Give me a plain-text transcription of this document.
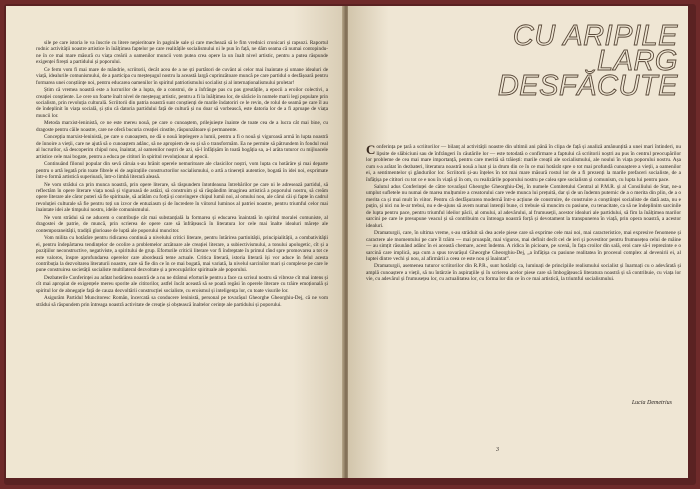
sile pe care istoria le va înscrie cu litere nepieritoare în paginile sale și care mechează să le fim vrednici cronicari și rapsozi. Raportul rodnic activității noastre artistice în înălțimea faptelor pe care realitățile socialismului ni le pun în față, ne dăm seama că numai contopindu-ne în ce mai mare măsură cu viața creării a oamenilor muncii vom putea crea opere la un înalt nivel artistic, pentru a putea răspunde exigenței firești a partidului și poporului.

Ce ferm vom fi mai mare de mândrie, scriitorii, decât acea de a ne ști purtători de cuvânt ai celor mai înaintate și umane idealuri de viață, idealurile comunismului, de a participa cu meșteșugul nostru la această largă cuprinzătoare muncă pe care partidul o desfășoară pentru formarea unei conștiințe noi, pentru educarea oamenilor în spiritul patriotismului socialist și al internaționalismului proletar!

Știm că vremea noastră este a lucrurilor de a lupta, de a construi, de a înfrânge pas cu pas greutățile, a epocii a eroilor colectivi, a creației conștiente. Le cere un foarte înalt nivel de meșteșug artistic, pentru a fi la înălțimea lor, de sărăcie în numele marii legi populare prin socialism, prin revoluția culturală. Scriitorii din patria noastră sunt conștienți de marile îndatoriri ce le revin, de rolul de seamă pe care îl au de îndeplinit în viața socială, și știu că datoria partidului față de cultură și nu doar să vorbească, este datoria lor de a fi aproape de viața muncii lor.

Metoda marxist-leninistă, ce ne este mereu nouă, pe care o cunoaștem, prilejuiește înainte de toate cea de a lucra cât mai bine, cu dragoste pentru căile noastre, care ne oferă bucuria creației cinstite, răspunzătoare și permanente.

Concepția marxist-leninistă, pe care o cunoaștem, ne dă o nouă înțelegere a lumii, pentru a fi o nouă și viguroasă armă în lupta noastră de înnoire a vieții, care ne ajută să o cunoaștem adânc, să ne apropiem de ea și să o transformăm. Ea ne permite să pătrundem în fondul real al lucrurilor, să descoperim chipul nou, înaintat, al oamenilor noștri de azi, să-l înfățișăm în toată bogăția sa, a-l arăta tuturor cu mijloacele artistice cele mai bogate, pentru a educa pe cititori în spiritul revoluționar al epocii.

Continuând filonul popular din sevă căruia s-au hrănit operele nemuritoare ale clasicilor noștri, vom lupta cu hotărâre și mai departe pentru o artă legată prin toate fibrele ei de aspirațiile constructorilor socialismului, o artă a tinereții autentice, bogată în idei noi, exprimate într-o formă artistică superioară, într-o limbă literară aleasă.

Ne vom strădui ca prin munca noastră, prin opere literare, să răspundem întotdeauna întrebărilor pe care ni le adresează partidul, să reflectăm în opere literare viața nouă și viguroasă de astăzi, să construim și să răspândim imaginea artistică a poporului nostru, să creăm opere literare ale căror puteri să fie spirituale, să arătăm cu forță și convingere chipul lumii noi, al omului nou, ale cărui căi și fapte în cadrul revoluției culturale să fie pentru toți un izvor de entuziasm și de încredere în viitorul luminos al patriei noastre, pentru triumful celor mai înaintate idei ale timpului nostru, ideile comunismului.

Ne vom strădui să ne aducem o contribuție cât mai substanțială la formarea și educarea înaintată în spiritul moralei comuniste, al dragostei de patrie, de muncă, prin scrierea de opere care să înfrățească în literatura lor cele mai înalte idealuri mărețe ale contemporaneității, tradiții glorioase de luptă ale poporului muncitor.

Vom milita cu hotărâre pentru ridicarea continuă a nivelului critici literare, pentru întărirea partinității, principialității, a combativității ei, pentru îndepărtarea tendințelor de ocolire a problemelor arzătoare ale creației literare, a subiectivismului, a tonului apologetic, cît și a pozițiilor neconstructive, negativiste, a spiritului de grup. Eforturile criticii literare vor fi îndreptate în primul rând spre promovarea a tot ce este valoros, înspre aprofundarea operelor care abordează teme actuale. Critica literară, istoria literară își vor aduce în felul acesta contribuția la dezvoltarea literaturii noastre, care să fie din ce în ce mai bogată, mai variată, la nivelul sarcinilor mari și complexe pe care le pune construirea societății socialiste multilateral dezvoltate și a preocupărilor spirituale ale poporului.

Dezbaterile Conferinței au arătat hotărârea noastră de a nu ne drămui eforturile pentru a face ca scrisul nostru să vibreze cît mai intens și cît mai apropiat de exigențele mereu sporite ale cititorilor, astfel încât această să se poată regăsi în operele literare cu trăire emoțională și spiritul lor de abnegație față de cauza dezvoltării construcției socialiste, cu eroismul și inteligența lor, cu toate visurile lor.

Asigurăm Partidul Muncitoresc Român, încercată sa conducere leninistă, personal pe tovarășul Gheorghe Gheorghiu-Dej, că ne vom strădui să răspundem prin întreaga noastră activitate de creație și obștească înaltelor cerințe ale partidului și poporului.

CU ARIPILE
LARG
DESFĂCUTE

Conferința pe țară a scriitorilor — bilanț al activității noastre din ultimii ani până în clipa de față și analiză amănunțită a unei mari întinderi, nu lipsite de slăbiciuni sau de înfrângeri în căutările lor — este totodată o confirmare a faptului că scriitorii noștri au pus în centrul preocupărilor lor probleme de cea mai mare importanță, pentru care merită să trăiești: marile creații ale socialismului, ale noului în viața poporului nostru. Așa cum s-a arătat în dezbateri, literatura noastră nouă a luat și ia drum din ce în ce mai hotărât spre o tot mai profundă cunoaștere a vieții, a oamenilor ei, a sentimentelor și gândurilor lor. Scriitorii și-au înțeles în tot mai mare măsură rostul lor de a fi prezenți la marile prefaceri socialiste, de a înfățișa pe cititori cu tot ce e nou în viață și în om, cu realizările poporului nostru pe calea spre socialism și comunism, cu lupta lui pentru pace.

Salutul adus Conferinței de către tovarășul Gheorghe Gheorghiu-Dej, în numele Comitetului Central al P.M.R. și al Consiliului de Stat, ne-a umplut sufletele nu numai de marea mulțumire a creatorului care vede munca lui prețuită, dar și de un îndemn puternic de a o merita din plin, de a o merita ca și mai mult în viitor. Pentru că desfășurarea modernă într-o acțiune de construire, de construire a conștiinței socialiste de dată asta, nu e puțin, și nici nu le-ar trebui, nu e de-ajuns să avem numai intenții bune, ci trebuie să muncim cu pasiune, cu tenacitate, ca să ne îndeplinim sarcinile de lupta pentru pace, pentru triumful ideilor păcii, al omului, al adevărului, al frumuseții, acestor idealuri ale partidului, să fim la înălțimea marilor sarcini pe care le presupune veacul și să contribuim cu întreaga noastră forță și devotament la transpunerea în viață, prin opera noastră, a acestor idealuri.

Dramaturgii, care, în ultima vreme, s-au străduit să dea acele piese care să exprime cele mai noi, mai caracteristice, mai expresive fenomene și caractere ale momentului pe care îl trăim — mai proaspăt, mai viguros, mai definit decît cel de ieri și povestitor pentru frumusețea celui de mâine — au simțit răsunând adânc în ei această chemare, acest îndemn. A ridica în picioare, pe scenă, în fața croilor din sală, eroi care să-i reprezinte e o sarcină care implică, așa cum a spus tovarășul Gheorghe Gheorghiu-Dej, „a înfățișa cu pasiune realitatea în procesul complex al devenirii ei, al luptei dintre vechi și nou, al afirmării a ceea ce este nou și înaintat”.

Dramaturgii, asemenea tuturor scriitorilor din R.P.R., sunt hotărâți ca, luminați de principiile realismului socialist și înarmați cu o adevărată și amplă cunoaștere a vieții, să nu întârzie în aspirațiile și în scrierea acelor piese care să îmbogățească literatura noastră și să contribuie, cu viața lor vie, cu adevărul și frumusețea lor, cu actualitatea lor, cu forma lor din ce în ce mai artistică, la triumful socialismului.

Lucia Demetrius
3
